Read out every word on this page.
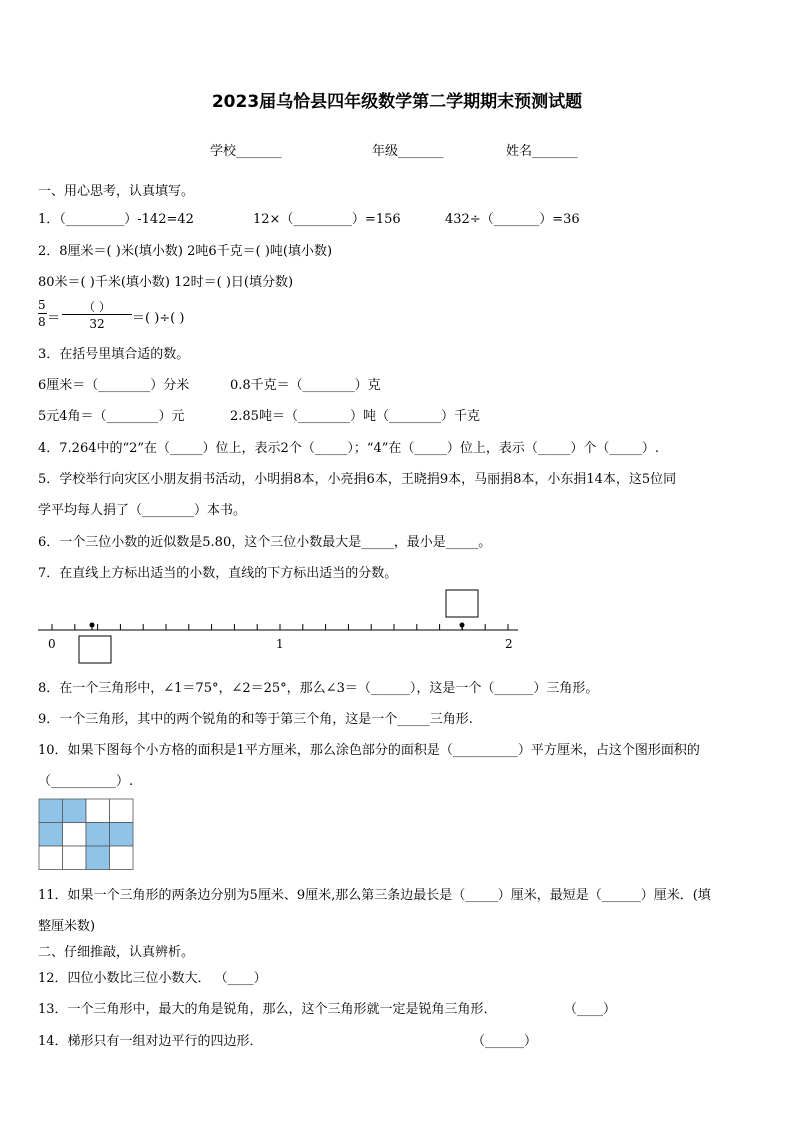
2023届乌恰县四年级数学第二学期期末预测试题
学校_______	年级_______	姓名_______
一、用心思考，认真填写。
1．（_________）-142=42	12×（_________）=156	432÷（_______）=36
2．8厘米＝( )米(填小数) 2吨6千克＝( )吨(填小数)
80米＝( )千米(填小数) 12时＝( )日(填分数)
5
8 ＝
（ ）
32	＝( )÷( )
3．在括号里填合适的数。
6厘米＝（________）分米	0.8千克＝（________）克
5元4角＝（________）元	2.85吨＝（________）吨（________）千克
4．7.264中的“2”在（_____）位上，表示2个（_____）；“4”在（_____）位上，表示（_____）个（_____）.
5．学校举行向灾区小朋友捐书活动，小明捐8本，小亮捐6本，王晓捐9本，马丽捐8本，小东捐14本，这5位同
学平均每人捐了（________）本书。
6．一个三位小数的近似数是5.80，这个三位小数最大是_____，最小是_____。
7．在直线上方标出适当的小数，直线的下方标出适当的分数。
0	1	2
8．在一个三角形中，∠1＝75°，∠2＝25°，那么∠3＝（______），这是一个（______）三角形。
9．一个三角形，其中的两个锐角的和等于第三个角，这是一个_____三角形.
10．如果下图每个小方格的面积是1平方厘米，那么涂色部分的面积是（__________）平方厘米，占这个图形面积的
（__________）.
11．如果一个三角形的两条边分别为5厘米、9厘米,那么第三条边最长是（_____）厘米，最短是（______）厘米．(填
整厘米数)
二、仔细推敲，认真辨析。
12．四位小数比三位小数大． （____）
13．一个三角形中，最大的角是锐角，那么，这个三角形就一定是锐角三角形．	（____）
14．梯形只有一组对边平行的四边形．	（______）
